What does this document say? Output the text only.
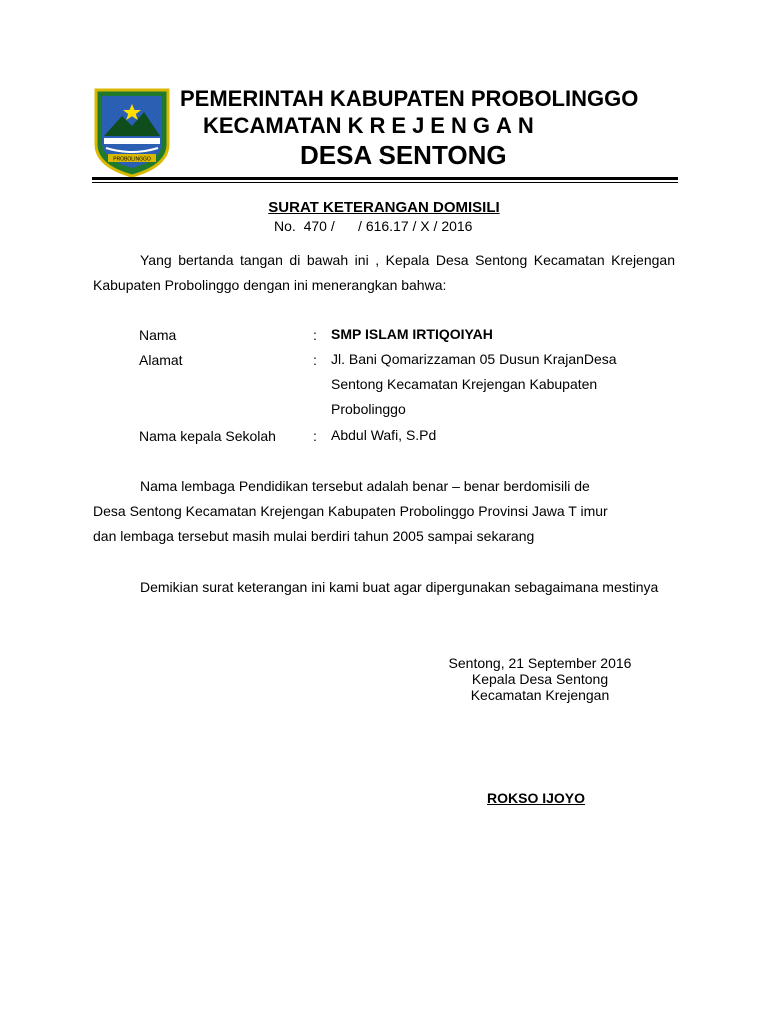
PROBOLINGGO
PEMERINTAH KABUPATEN PROBOLINGGO
KECAMATAN KREJENGAN
DESA SENTONG
SURAT KETERANGAN DOMISILI
No.  470 /      / 616.17 / X / 2016

Yang bertanda tangan di bawah ini , Kepala Desa Sentong Kecamatan Krejengan Kabupaten Probolinggo dengan ini menerangkan bahwa:

Nama	: SMP ISLAM IRTIQOIYAH
Alamat	: Jl. Bani Qomarizzaman 05 Dusun KrajanDesa
Sentong Kecamatan Krejengan Kabupaten
Probolinggo
Nama kepala Sekolah	: Abdul Wafi, S.Pd
Nama lembaga Pendidikan tersebut adalah benar – benar berdomisili de
Desa Sentong Kecamatan Krejengan Kabupaten Probolinggo Provinsi Jawa T imur
dan lembaga tersebut masih mulai berdiri tahun 2005 sampai sekarang

Demikian surat keterangan ini kami buat agar dipergunakan sebagaimana mestinya

Sentong, 21 September 2016
Kepala Desa Sentong
Kecamatan Krejengan
ROKSO IJOYO
